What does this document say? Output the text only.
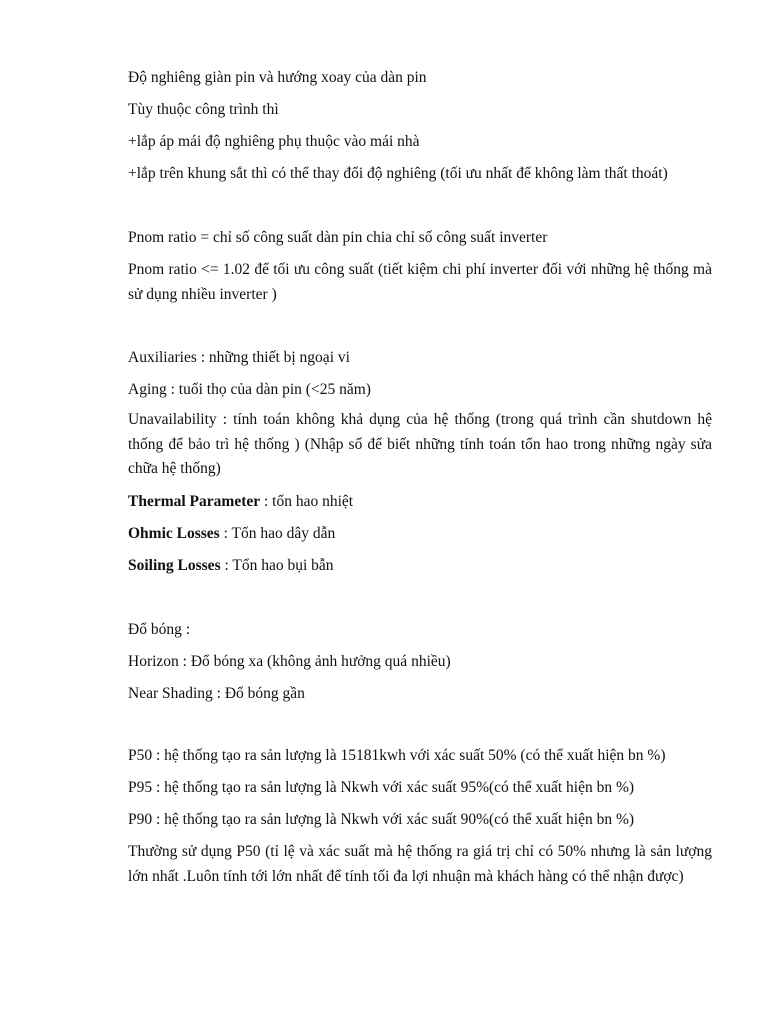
Độ nghiêng giàn pin và hướng xoay của dàn pin

Tùy thuộc công trình thì

+lắp áp mái độ nghiêng phụ thuộc vào mái nhà

+lắp trên khung sắt thì có thể thay đổi độ nghiêng (tối ưu nhất để không làm thất thoát)

Pnom ratio = chỉ số công suất dàn pin chia chỉ số công suất inverter

Pnom ratio <= 1.02 để tối ưu công suất (tiết kiệm chi phí inverter đối với những hệ thống mà sử dụng nhiều inverter )

Auxiliaries : những thiết bị ngoại vi

Aging : tuổi thọ của dàn pin (<25 năm)

Unavailability : tính toán không khả dụng của hệ thống (trong quá trình cần shutdown hệ thống để bảo trì hệ thống ) (Nhập số để biết những tính toán tổn hao trong những ngày sửa chữa hệ thống)

Thermal Parameter : tổn hao nhiệt

Ohmic Losses : Tổn hao dây dẫn

Soiling Losses : Tổn hao bụi bẫn

Đổ bóng :

Horizon : Đổ bóng xa (không ảnh hưởng quá nhiều)

Near Shading : Đổ bóng gần

P50 : hệ thống tạo ra sản lượng là 15181kwh với xác suất 50% (có thể xuất hiện bn %)

P95 : hệ thống tạo ra sản lượng là Nkwh với xác suất 95%(có thể xuất hiện bn %)

P90 : hệ thống tạo ra sản lượng là Nkwh với xác suất 90%(có thể xuất hiện bn %)

Thường sử dụng P50 (tỉ lệ và xác suất mà hệ thống ra giá trị chỉ có 50% nhưng là sản lượng lớn nhất .Luôn tính tới lớn nhất để tính tối đa lợi nhuận mà khách hàng có thể nhận được)
